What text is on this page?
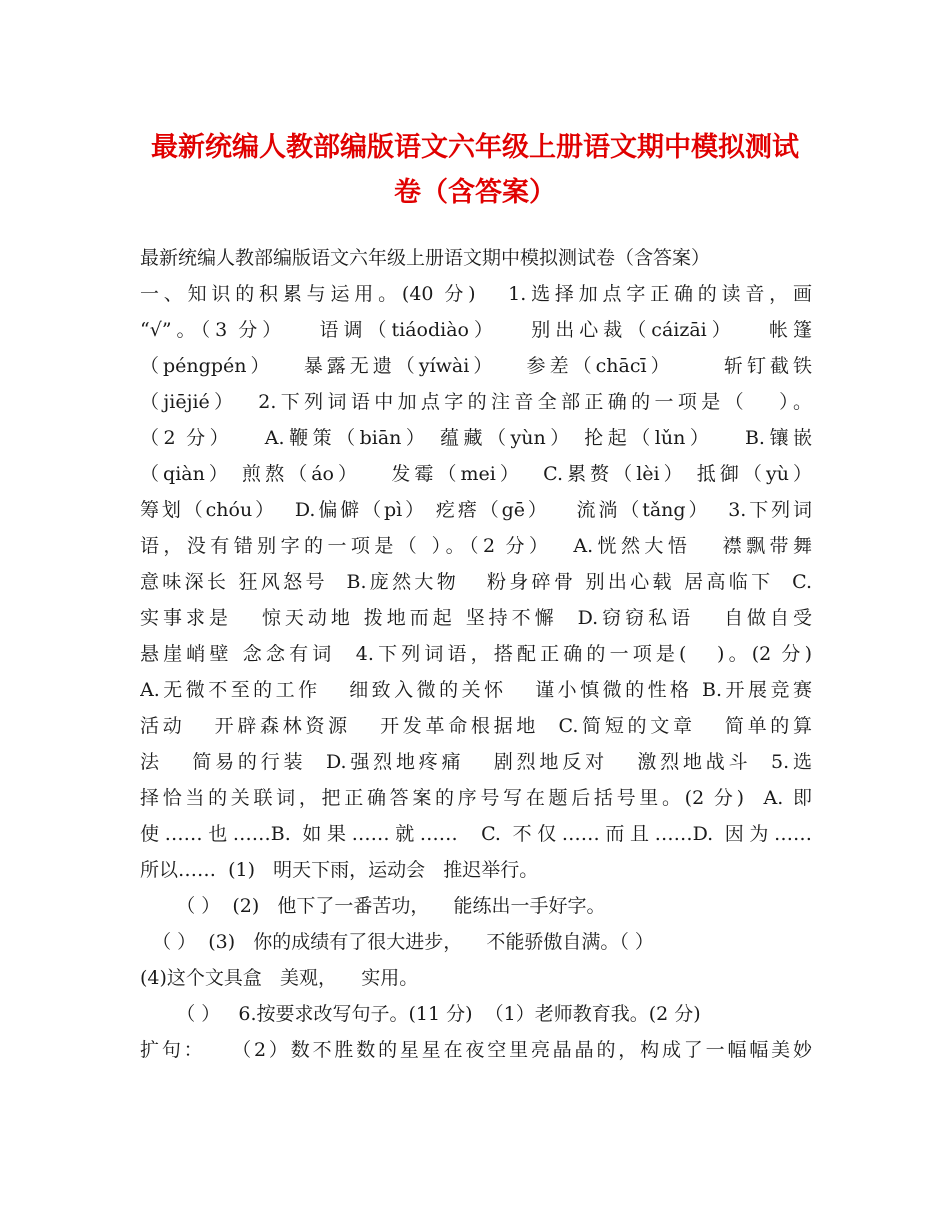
最新统编人教部编版语文六年级上册语文期中模拟测试
卷（含答案）
最新统编人教部编版语文六年级上册语文期中模拟测试卷（含答案）
一、知识的积累与运用。(40 分)   1.选择加点字正确的读音，画
“√”。（3 分）   语调（tiáodiào）   别出心裁（cáizāi）   帐篷
（péngpén）   暴露无遗（yíwài）   参差（chācī）     斩钉截铁
（jiējié）  2.下列词语中加点字的注音全部正确的一项是（   ）。
（2 分）   A.鞭策（biān） 蕴藏（yùn） 抡起（lǔn）   B.镶嵌
（qiàn） 煎熬（áo）   发霉（mei）  C.累赘（lèi） 抵御（yù）
筹划（chóu）  D.偏僻（pì） 疙瘩（gē）   流淌（tǎng）  3.下列词
语，没有错别字的一项是（ ）。（2 分）  A.恍然大悟   襟飘带舞
意味深长 狂风怒号  B.庞然大物   粉身碎骨 别出心载 居高临下  C.
实事求是   惊天动地 拨地而起 坚持不懈  D.窃窃私语   自做自受
悬崖峭壁 念念有词  4.下列词语，搭配正确的一项是(   )。(2 分)
A.无微不至的工作   细致入微的关怀   谨小慎微的性格 B.开展竞赛
活动   开辟森林资源   开发革命根据地  C.简短的文章   简单的算
法   简易的行装  D.强烈地疼痛   剧烈地反对   激烈地战斗  5.选
择恰当的关联词，把正确答案的序号写在题后括号里。(2 分)  A. 即
使……也……B. 如果……就……  C. 不仅……而且……D. 因为……
所以……  (1)   明天下雨，运动会   推迟举行。
（ ）  (2)   他下了一番苦功，    能练出一手好字。
（ ）  (3)   你的成绩有了很大进步，    不能骄傲自满。（ ）
(4)这个文具盒   美观，    实用。
（ ）   6.按要求改写句子。(11 分)  （1）老师教育我。(2 分)
扩句：   （2）数不胜数的星星在夜空里亮晶晶的，构成了一幅幅美妙
